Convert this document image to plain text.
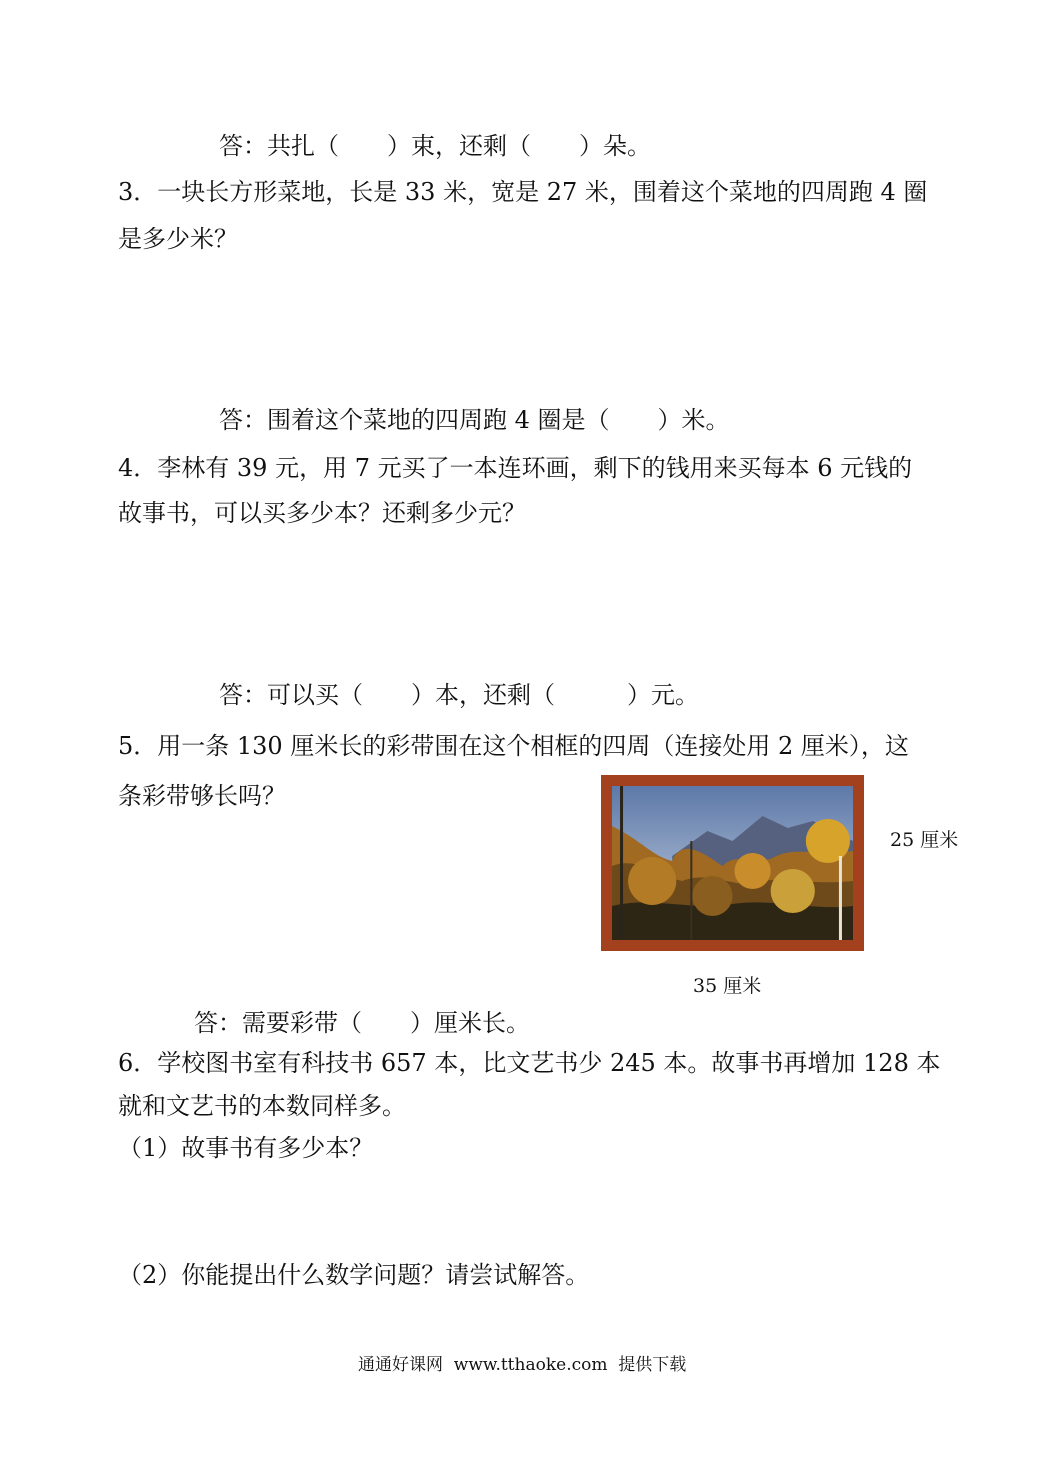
答：共扎（　　）束，还剩（　　）朵。
3．一块长方形菜地，长是 33 米，宽是 27 米，围着这个菜地的四周跑 4 圈
是多少米？
答：围着这个菜地的四周跑 4 圈是（　　）米。
4．李林有 39 元，用 7 元买了一本连环画，剩下的钱用来买每本 6 元钱的
故事书，可以买多少本？还剩多少元？
答：可以买（　　）本，还剩（　　　）元。
5．用一条 130 厘米长的彩带围在这个相框的四周（连接处用 2 厘米），这
条彩带够长吗？
25 厘米
35 厘米
答：需要彩带（　　）厘米长。
6．学校图书室有科技书 657 本，比文艺书少 245 本。故事书再增加 128 本
就和文艺书的本数同样多。
（1）故事书有多少本？
（2）你能提出什么数学问题？请尝试解答。
通通好课网  www.tthaoke.com  提供下载
